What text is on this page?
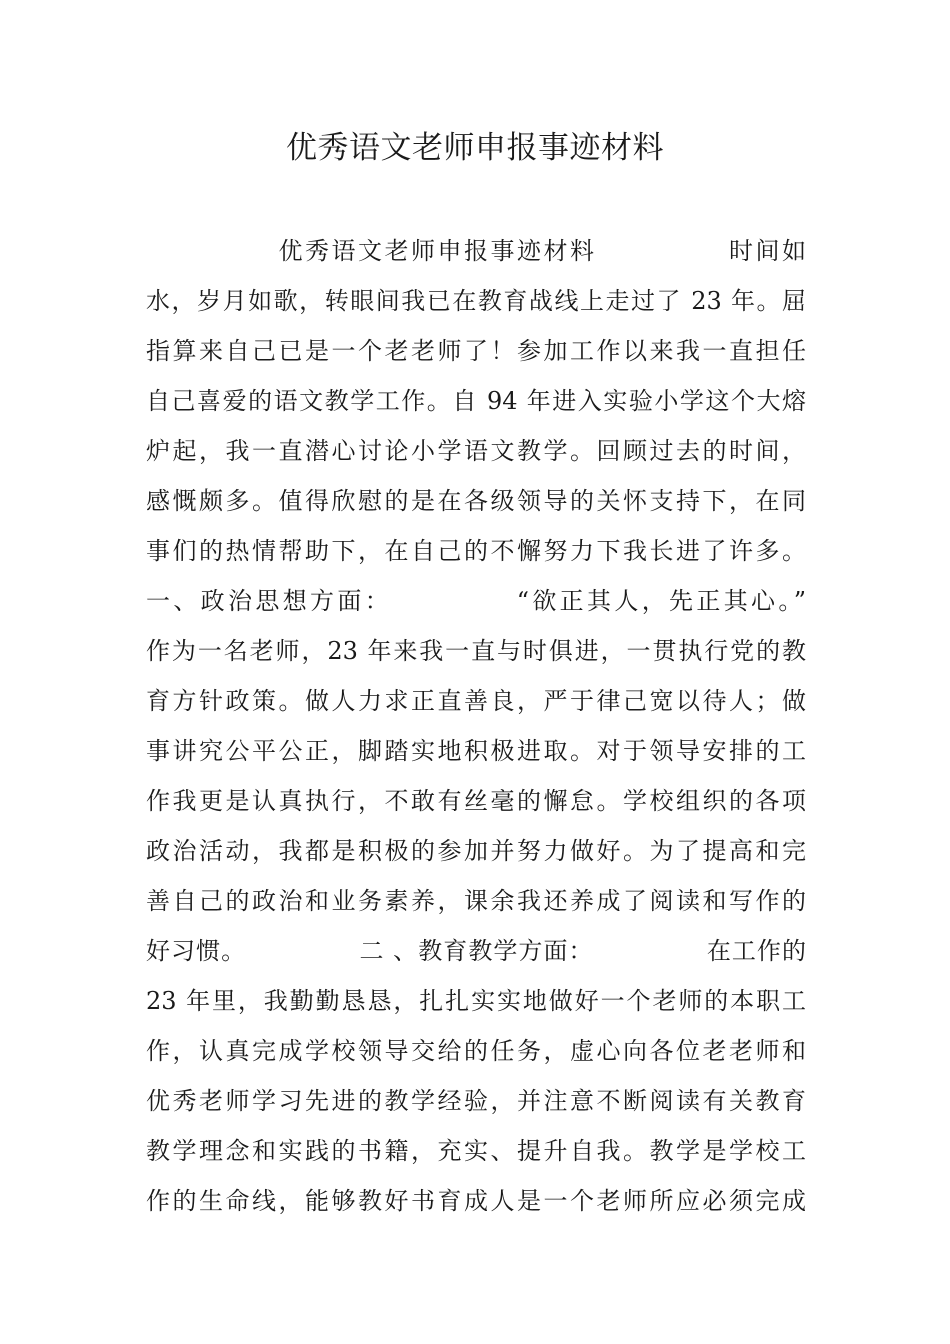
优秀语文老师申报事迹材料
　　　　　优秀语文老师申报事迹材料　　　　　时间如
水，岁月如歌，转眼间我已在教育战线上走过了 23 年。屈
指算来自己已是一个老老师了！参加工作以来我一直担任
自己喜爱的语文教学工作。自 94 年进入实验小学这个大熔
炉起，我一直潜心讨论小学语文教学。回顾过去的时间，
感慨颇多。值得欣慰的是在各级领导的关怀支持下，在同
事们的热情帮助下，在自己的不懈努力下我长进了许多。
一、政治思想方面：　　　　　“欲正其人，先正其心。”
作为一名老师，23 年来我一直与时俱进，一贯执行党的教
育方针政策。做人力求正直善良，严于律己宽以待人；做
事讲究公平公正，脚踏实地积极进取。对于领导安排的工
作我更是认真执行，不敢有丝毫的懈怠。学校组织的各项
政治活动，我都是积极的参加并努力做好。为了提高和完
善自己的政治和业务素养，课余我还养成了阅读和写作的
好习惯。　　　　　二 、教育教学方面：　　　　　在工作的
23 年里，我勤勤恳恳，扎扎实实地做好一个老师的本职工
作，认真完成学校领导交给的任务，虚心向各位老老师和
优秀老师学习先进的教学经验，并注意不断阅读有关教育
教学理念和实践的书籍，充实、提升自我。教学是学校工
作的生命线，能够教好书育成人是一个老师所应必须完成
